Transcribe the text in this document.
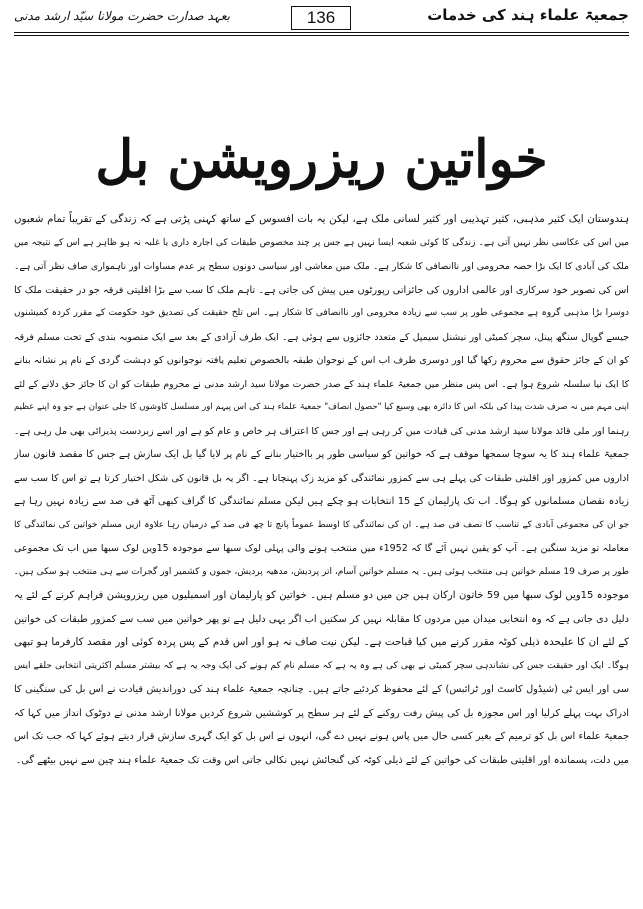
بعہد صدارت حضرت مولانا سیّد ارشد مدنی	136	جمعیۃ علماء ہند کی خدمات
خواتین ریزرویشن بل
ہندوستان ایک کثیر مذہبی، کثیر تہذیبی اور کثیر لسانی ملک ہے، لیکن یہ بات افسوس کے ساتھ کہنی پڑتی ہے کہ زندگی کے تقریباً تمام شعبوں
میں اس کی عکاسی نظر نہیں آتی ہے۔ زندگی کا کوئی شعبہ ایسا نہیں ہے جس پر چند مخصوص طبقات کی اجارہ داری یا غلبہ نہ ہو ظاہر ہے اس کے نتیجہ میں
ملک کی آبادی کا ایک بڑا حصہ محرومی اور ناانصافی کا شکار ہے۔ ملک میں معاشی اور سیاسی دونوں سطح پر عدم مساوات اور ناہمواری صاف نظر آتی ہے۔
اس کی تصویر خود سرکاری اور عالمی اداروں کی جائزاتی رپورٹوں میں پیش کی جاتی ہے۔ تاہم ملک کا سب سے بڑا اقلیتی فرقہ جو در حقیقت ملک کا
دوسرا بڑا مذہبی گروہ ہے مجموعی طور پر سب سے زیادہ محرومی اور ناانصافی کا شکار ہے۔ اس تلخ حقیقت کی تصدیق خود حکومت کے مقرر کردہ کمیشنوں
جیسے گوپال سنگھ پینل، سچر کمیٹی اور نیشنل سیمپل کے متعدد جائزوں سے ہوئی ہے۔ ایک طرف آزادی کے بعد سے ایک منصوبہ بندی کے تحت مسلم فرقہ
کو ان کے جائز حقوق سے محروم رکھا گیا اور دوسری طرف اب اس کے نوجوان طبقہ بالخصوص تعلیم یافتہ نوجوانوں کو دہشت گردی کے نام پر نشانہ بنانے
کا ایک نیا سلسلہ شروع ہوا ہے۔ اس پس منظر میں جمعیۃ علماء ہند کے صدر حضرت مولانا سید ارشد مدنی نے محروم طبقات کو ان کا جائز حق دلانے کے لئے
اپنی مہم میں نہ صرف شدت پیدا کی بلکہ اس کا دائرہ بھی وسیع کیا "حصول انصاف" جمعیۃ علماء ہند کی اس پیہم اور مسلسل کاوشوں کا جلی عنوان ہے جو وہ اپنے عظیم
رہنما اور ملی قائد مولانا سید ارشد مدنی کی قیادت میں کر رہی ہے اور جس کا اعتراف ہر خاص و عام کو ہے اور اسے زبردست پذیرائی بھی مل رہی ہے۔
جمعیۃ علماء ہند کا یہ سوچا سمجھا موقف ہے کہ خواتین کو سیاسی طور پر بااختیار بنانے کے نام پر لایا گیا بل ایک سازش ہے جس کا مقصد قانون ساز
اداروں میں کمزور اور اقلیتی طبقات کی پہلے ہی سے کمزور نمائندگی کو مزید زک پہنچانا ہے۔ اگر یہ بل قانون کی شکل اختیار کرتا ہے تو اس کا سب سے
زیادہ نقصان مسلمانوں کو ہوگا۔ اب تک پارلیمان کے 15 انتخابات ہو چکے ہیں لیکن مسلم نمائندگی کا گراف کبھی آٹھ فی صد سے زیادہ نہیں رہا ہے
جو ان کی مجموعی آبادی کے تناسب کا نصف فی صد ہے۔ ان کی نمائندگی کا اوسط عموماً پانچ تا چھ فی صد کے درمیان رہا علاوہ ازیں مسلم خواتین کی نمائندگی کا
معاملہ تو مزید سنگین ہے۔ آپ کو یقین نہیں آئے گا کہ 1952ء میں منتخب ہونے والی پہلی لوک سبھا سے موجودہ 15ویں لوک سبھا میں اب تک مجموعی
طور پر صرف 19 مسلم خواتین ہی منتخب ہوئی ہیں۔ یہ مسلم خواتین آسام، اتر پردیش، مدھیہ پردیش، جموں و کشمیر اور گجرات سے ہی منتخب ہو سکی ہیں۔
موجودہ 15ویں لوک سبھا میں 59 خاتون ارکان ہیں جن میں دو مسلم ہیں۔ خواتین کو پارلیمان اور اسمبلیوں میں ریزرویشن فراہم کرنے کے لئے یہ
دلیل دی جاتی ہے کہ وہ انتخابی میدان میں مردوں کا مقابلہ نہیں کر سکتیں اب اگر یہی دلیل ہے تو پھر خواتین میں سب سے کمزور طبقات کی خواتین
کے لئے ان کا علیحدہ ذیلی کوٹہ مقرر کرنے میں کیا قباحت ہے۔ لیکن نیت صاف نہ ہو اور اس قدم کے پس پردہ کوئی اور مقصد کارفرما ہو تبھی
ہوگا۔ ایک اور حقیقت جس کی نشاندہی سچر کمیٹی نے بھی کی ہے وہ یہ ہے کہ مسلم نام کم ہونے کی ایک وجہ یہ ہے کہ بیشتر مسلم اکثریتی انتخابی حلقے ایس
سی اور ایس ٹی (شیڈول کاسٹ اور ٹرائبس) کے لئے محفوظ کردئیے جاتے ہیں۔ چنانچہ جمعیۃ علماء ہند کی دوراندیش قیادت نے اس بل کی سنگینی کا
ادراک بہت پہلے کرلیا اور اس مجوزہ بل کی پیش رفت روکنے کے لئے ہر سطح پر کوششیں شروع کردیں مولانا ارشد مدنی نے دوٹوک انداز میں کہا کہ
جمعیۃ علماء اس بل کو ترمیم کے بغیر کسی حال میں پاس ہونے نہیں دے گی، انہوں نے اس بل کو ایک گہری سازش قرار دیتے ہوئے کہا کہ جب تک اس
میں دلت، پسماندہ اور اقلیتی طبقات کی خواتین کے لئے ذیلی کوٹہ کی گنجائش نہیں نکالی جاتی اس وقت تک جمعیۃ علماء ہند چین سے نہیں بیٹھے گی۔
